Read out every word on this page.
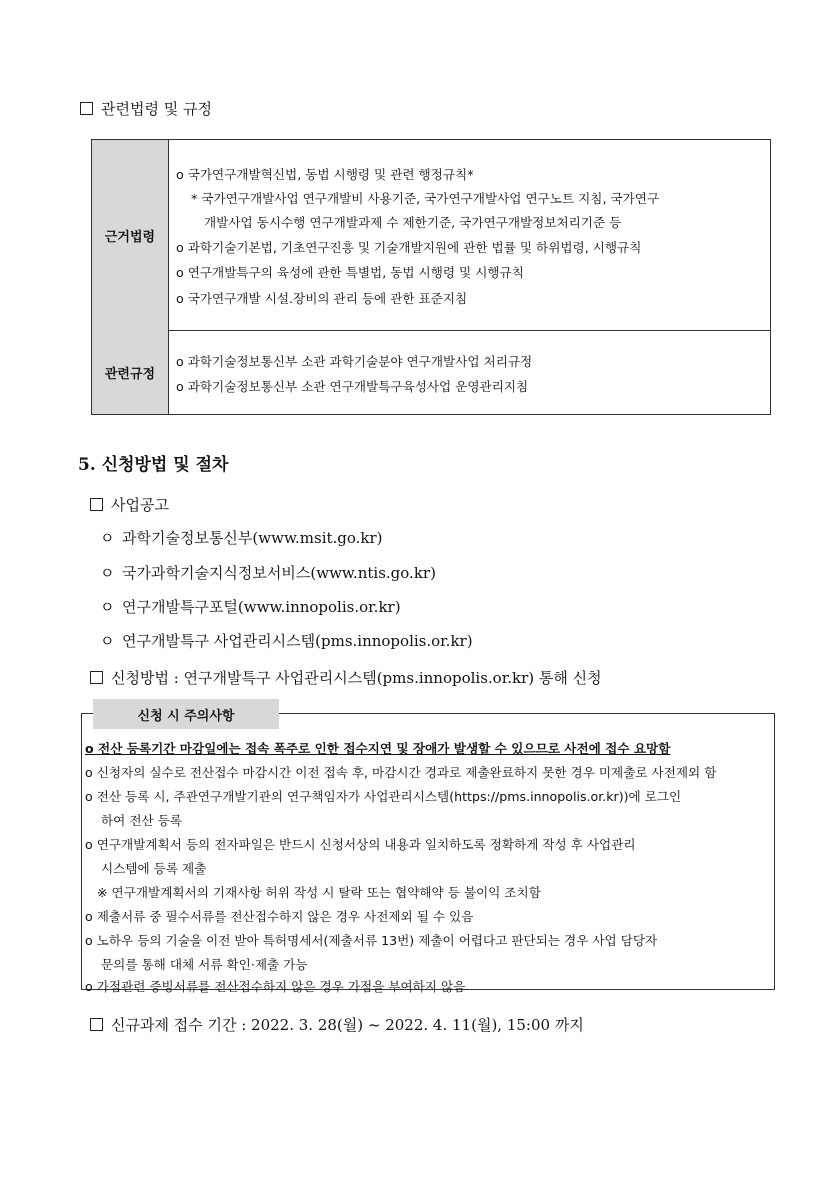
관련법령 및 규정
근거법령
o 국가연구개발혁신법, 동법 시행령 및 관련 행정규칙*
* 국가연구개발사업 연구개발비 사용기준, 국가연구개발사업 연구노트 지침, 국가연구
개발사업 동시수행 연구개발과제 수 제한기준, 국가연구개발정보처리기준 등
o 과학기술기본법, 기초연구진흥 및 기술개발지원에 관한 법률 및 하위법령, 시행규칙
o 연구개발특구의 육성에 관한 특별법, 동법 시행령 및 시행규칙
o 국가연구개발 시설.장비의 관리 등에 관한 표준지침
관련규정
o 과학기술정보통신부 소관 과학기술분야 연구개발사업 처리규정
o 과학기술정보통신부 소관 연구개발특구육성사업 운영관리지침
5. 신청방법 및 절차
사업공고
ㅇ 과학기술정보통신부(www.msit.go.kr)
ㅇ 국가과학기술지식정보서비스(www.ntis.go.kr)
ㅇ 연구개발특구포털(www.innopolis.or.kr)
ㅇ 연구개발특구 사업관리시스템(pms.innopolis.or.kr)
신청방법 : 연구개발특구 사업관리시스템(pms.innopolis.or.kr) 통해 신청
o 전산 등록기간 마감일에는 접속 폭주로 인한 접수지연 및 장애가 발생할 수 있으므로 사전에 접수 요망함
o 신청자의 실수로 전산접수 마감시간 이전 접속 후, 마감시간 경과로 제출완료하지 못한 경우 미제출로 사전제외 함
o 전산 등록 시, 주관연구개발기관의 연구책임자가 사업관리시스템(https://pms.innopolis.or.kr))에 로그인
하여 전산 등록
o 연구개발계획서 등의 전자파일은 반드시 신청서상의 내용과 일치하도록 정확하게 작성 후 사업관리
시스템에 등록 제출
※ 연구개발계획서의 기재사항 허위 작성 시 탈락 또는 협약해약 등 불이익 조치함
o 제출서류 중 필수서류를 전산접수하지 않은 경우 사전제외 될 수 있음
o 노하우 등의 기술을 이전 받아 특허명세서(제출서류 13번) 제출이 어렵다고 판단되는 경우 사업 담당자
문의를 통해 대체 서류 확인·제출 가능
o 가점관련 증빙서류를 전산접수하지 않은 경우 가점을 부여하지 않음
신청 시 주의사항
신규과제 접수 기간 : 2022. 3. 28(월) ~ 2022. 4. 11(월), 15:00 까지
